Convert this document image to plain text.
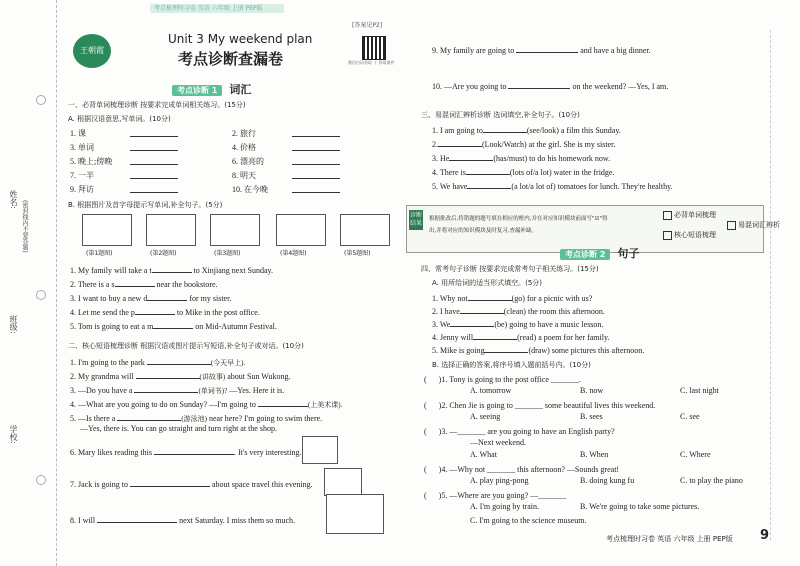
考点梳理时习卷 英语 六年级 上册 PEP版
姓名:
(密封线内不要答题)
班级:
学校:
王朝霞
[答案见P2]
Unit 3 My weekend plan
考点诊断查漏卷	微信扫码获取 十 领取课件
考点诊断 1 词汇
一、必背单词梳理诊断 按要求完成单词相关练习。(15分)
A. 根据汉语意思,写单词。(10分)
1. 课	2. 旅行
3. 单词	4. 价格
5. 晚上;傍晚	6. 漂亮的
7. 一半	8. 明天
9. 拜访	10. 在今晚
B. 根据图片及首字母提示写单词,补全句子。(5分)
(第1题图)	(第2题图)	(第3题图)	(第4题图)	(第5题图)
1. My family will take a t	to Xinjiang next Sunday.
2. There is a s	near the bookstore.
3. I want to buy a new d	for my sister.
4. Let me send the p	to Mike in the post office.
5. Tom is going to eat a m	on Mid-Autumn Festival.
二、核心短语梳理诊断 根据汉语或图片提示写短语,补全句子或对话。(10分)
1. I'm going to the park	(今天早上).
2. My grandma will	(讲故事) about Sun Wukong.
3. —Do you have a	(单词书)? —Yes. Here it is.
4. —What are you going to do on Sunday? —I'm going to	(上美术课).
5. —Is there a	(游泳池) near here? I'm going to swim there.
—Yes, there is. You can go straight and turn right at the shop.
6. Mary likes reading this	. It's very interesting.
7. Jack is going to	about space travel this evening.
8. I will	next Saturday. I miss them so much.
9. My family are going to	and have a big dinner.
10. —Are you going to	on the weekend? —Yes, I am.
三、易混词汇辨析诊断 选词填空,补全句子。(10分)
1. I am going to	(see/look) a film this Sunday.
2.	(Look/Watch) at the girl. She is my sister.
3. He	(has/must) to do his homework now.
4. There is	(lots of/a lot) water in the fridge.
5. We have	(a lot/a lot of) tomatoes for lunch. They're healthy.
诊断结果
根据批改后,将错题的题号填在相应的框内,并在对应知识模块前面写"☑"得
出,并将对应的知识模块及时复习,查漏补缺。
必背单词梳理
核心短语梳理
易混词汇辨析
考点诊断 2 句子
四、常考句子诊断 按要求完成常考句子相关练习。(15分)
A. 用所给词的适当形式填空。(5分)
1. Why not	(go) for a picnic with us?
2. I have	(clean) the room this afternoon.
3. We	(be) going to have a music lesson.
4. Jenny will	(read) a poem for her family.
5. Mike is going	(draw) some pictures this afternoon.
B. 选择正确的答案,将序号填入题前括号内。(10分)
( )1. Tony is going to the post office _______.
A. tomorrow	B. now	C. last night
( )2. Chen Jie is going to _______ some beautiful lives this weekend.
A. seeing	B. sees	C. see
( )3. —_______ are you going to have an English party?
—Next weekend.
A. What	B. When	C. Where
( )4. —Why not _______ this afternoon? —Sounds great!
A. play ping-pong	B. doing kung fu	C. to play the piano
( )5. —Where are you going? —_______
A. I'm going by train.	B. We're going to take some pictures.
C. I'm going to the science museum.
考点梳理时习卷 英语 六年级 上册 PEP版 9
